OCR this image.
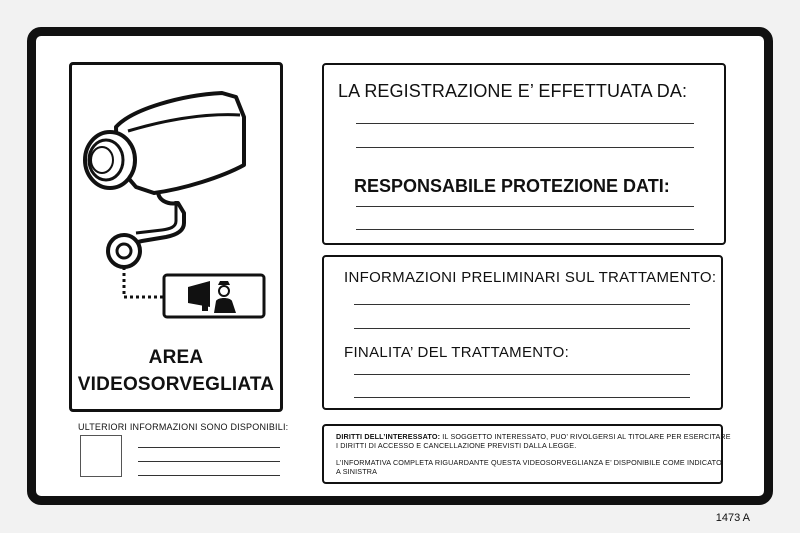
AREA
VIDEOSORVEGLIATA
LA REGISTRAZIONE E’ EFFETTUATA DA:
RESPONSABILE PROTEZIONE DATI:
INFORMAZIONI PRELIMINARI SUL TRATTAMENTO:
FINALITA’ DEL TRATTAMENTO:
ULTERIORI INFORMAZIONI SONO DISPONIBILI:
DIRITTI DELL’INTERESSATO: IL SOGGETTO INTERESSATO, PUO’ RIVOLGERSI AL TITOLARE PER ESERCITARE
I DIRITTI DI ACCESSO E CANCELLAZIONE PREVISTI DALLA LEGGE.
L’INFORMATIVA COMPLETA RIGUARDANTE QUESTA VIDEOSORVEGLIANZA E’ DISPONIBILE COME INDICATO
A SINISTRA
1473 A
